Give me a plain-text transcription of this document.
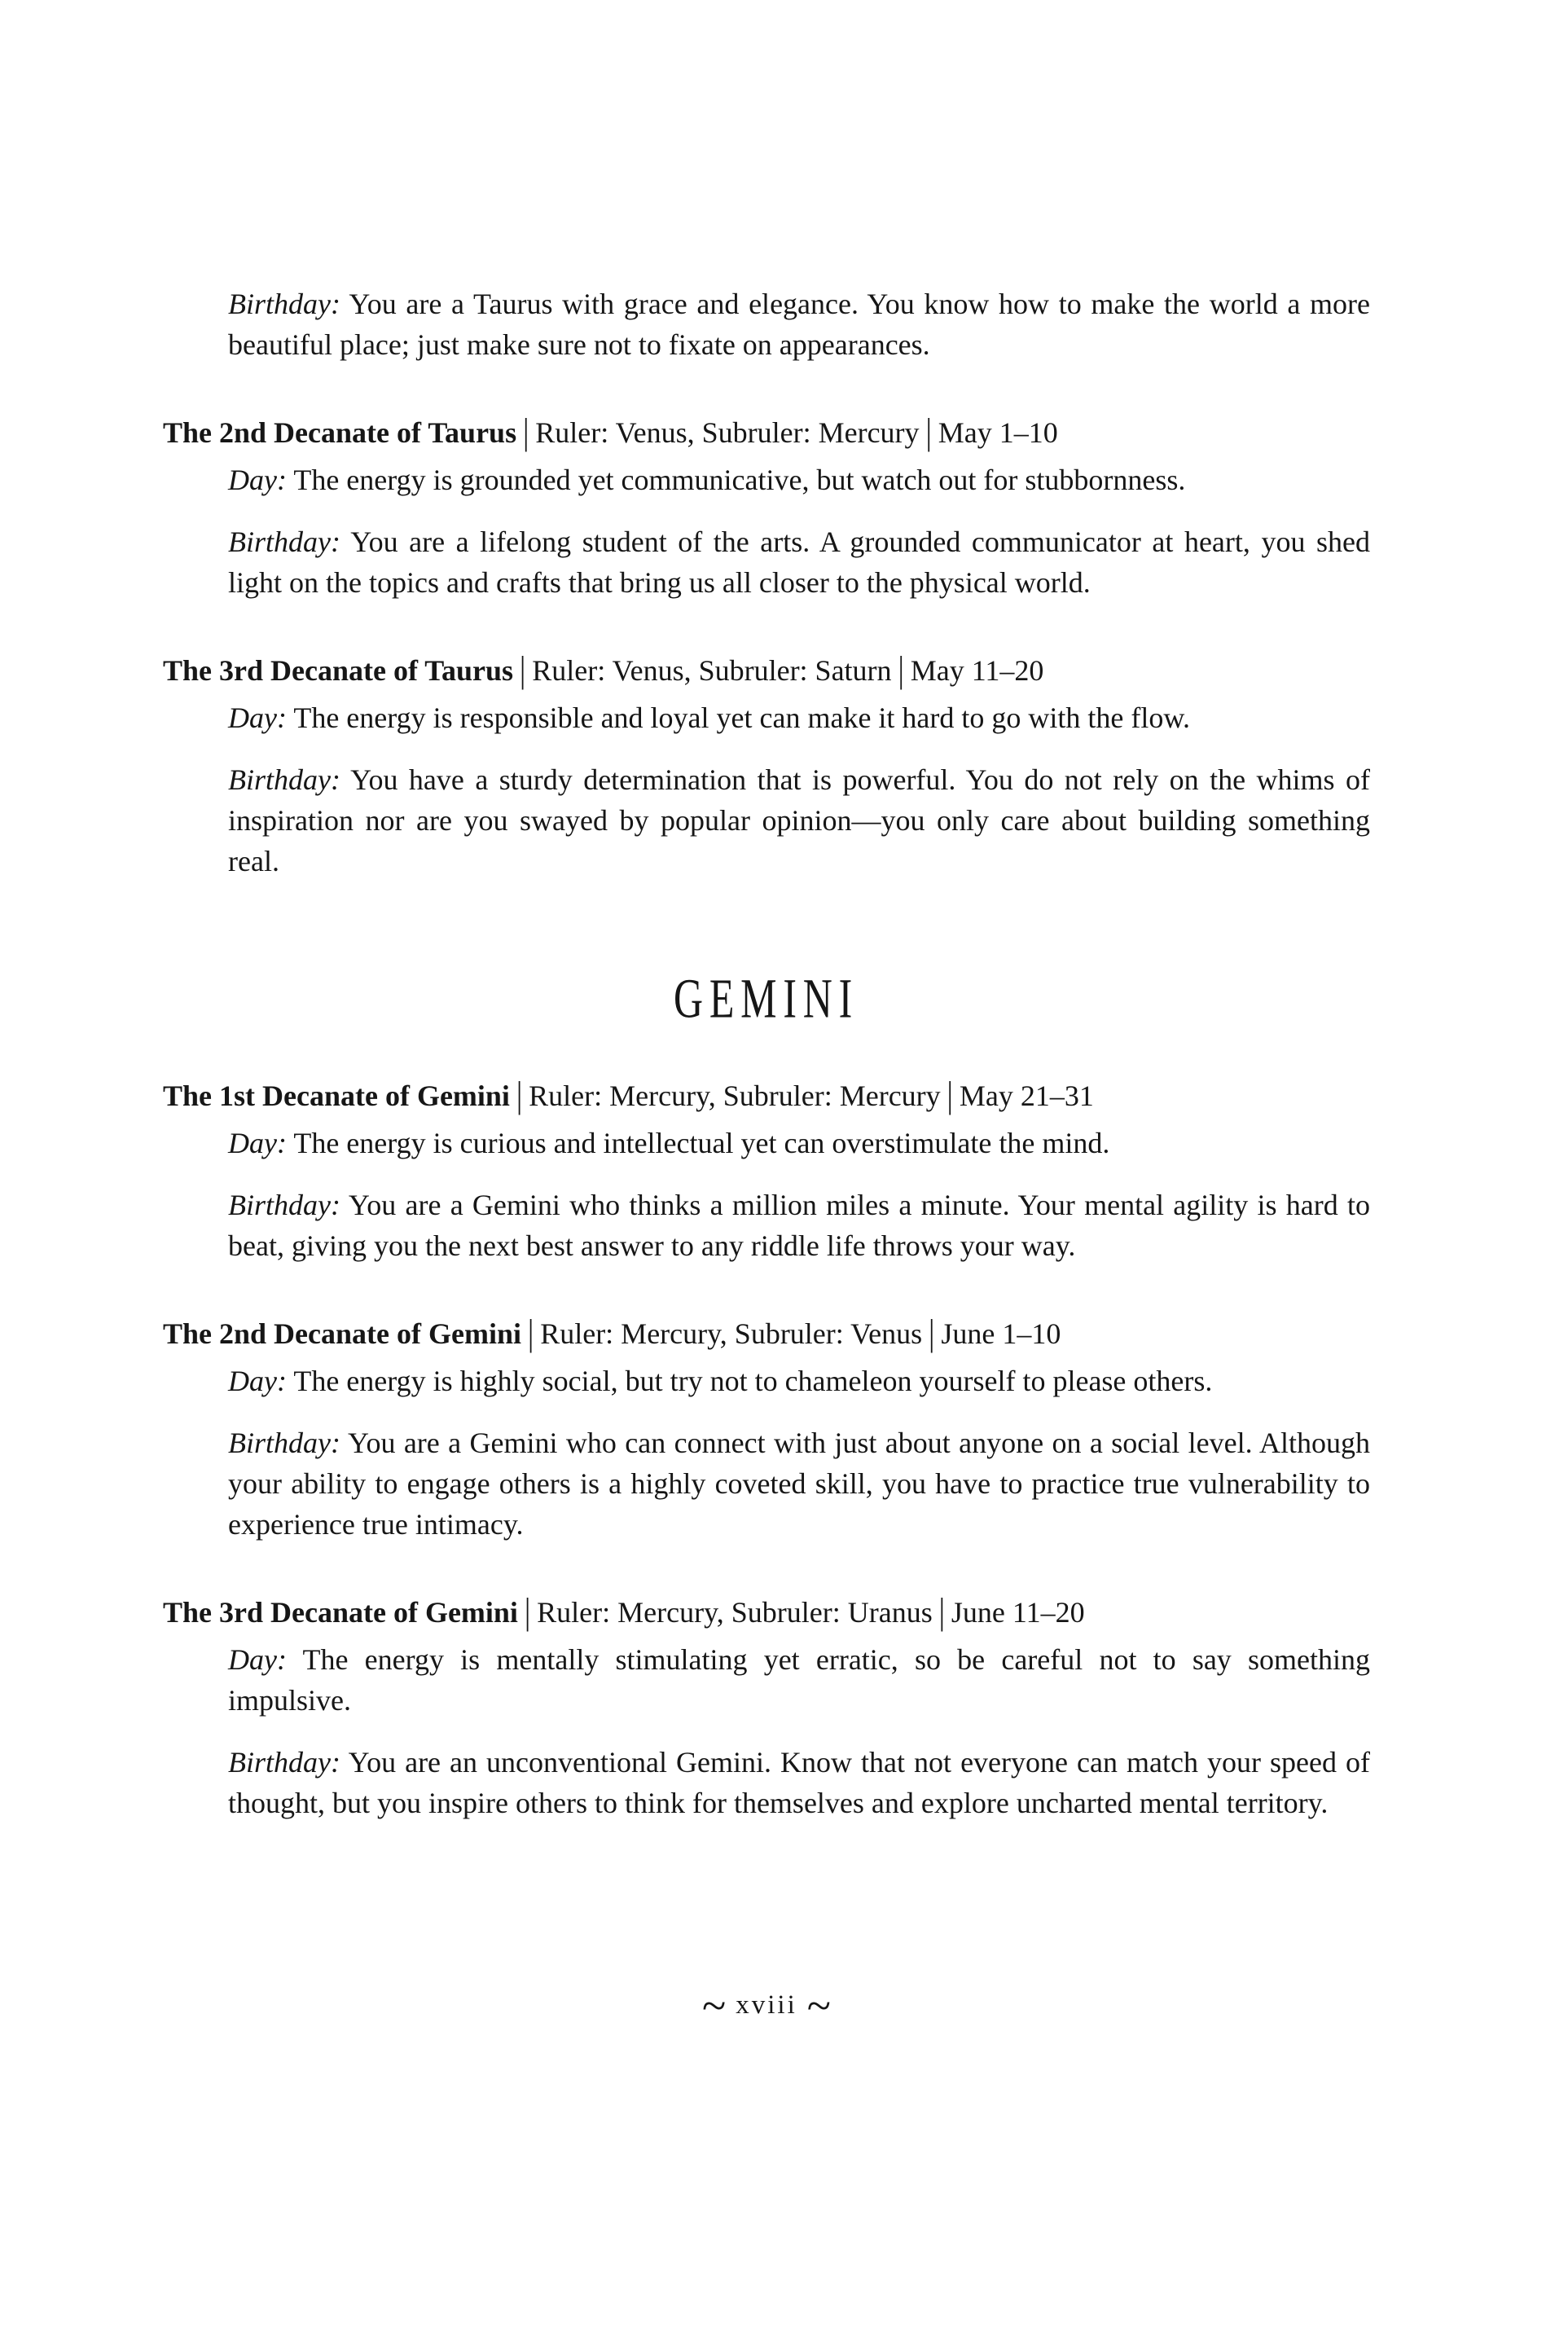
Birthday: You are a Taurus with grace and elegance. You know how to make the world a more beautiful place; just make sure not to fixate on appearances.

The 2nd Decanate of Taurus | Ruler: Venus, Subruler: Mercury | May 1–10

Day: The energy is grounded yet communicative, but watch out for stubbornness.

Birthday: You are a lifelong student of the arts. A grounded communicator at heart, you shed light on the topics and crafts that bring us all closer to the physical world.

The 3rd Decanate of Taurus | Ruler: Venus, Subruler: Saturn | May 11–20

Day: The energy is responsible and loyal yet can make it hard to go with the flow.

Birthday: You have a sturdy determination that is powerful. You do not rely on the whims of inspiration nor are you swayed by popular opinion—you only care about building something real.

GEMINI
The 1st Decanate of Gemini | Ruler: Mercury, Subruler: Mercury | May 21–31

Day: The energy is curious and intellectual yet can overstimulate the mind.

Birthday: You are a Gemini who thinks a million miles a minute. Your mental agility is hard to beat, giving you the next best answer to any riddle life throws your way.

The 2nd Decanate of Gemini | Ruler: Mercury, Subruler: Venus | June 1–10

Day: The energy is highly social, but try not to chameleon yourself to please others.

Birthday: You are a Gemini who can connect with just about anyone on a social level. Although your ability to engage others is a highly coveted skill, you have to practice true vulnerability to experience true intimacy.

The 3rd Decanate of Gemini | Ruler: Mercury, Subruler: Uranus | June 11–20

Day: The energy is mentally stimulating yet erratic, so be careful not to say something impulsive.

Birthday: You are an unconventional Gemini. Know that not everyone can match your speed of thought, but you inspire others to think for themselves and explore uncharted mental territory.

~ xviii ~
